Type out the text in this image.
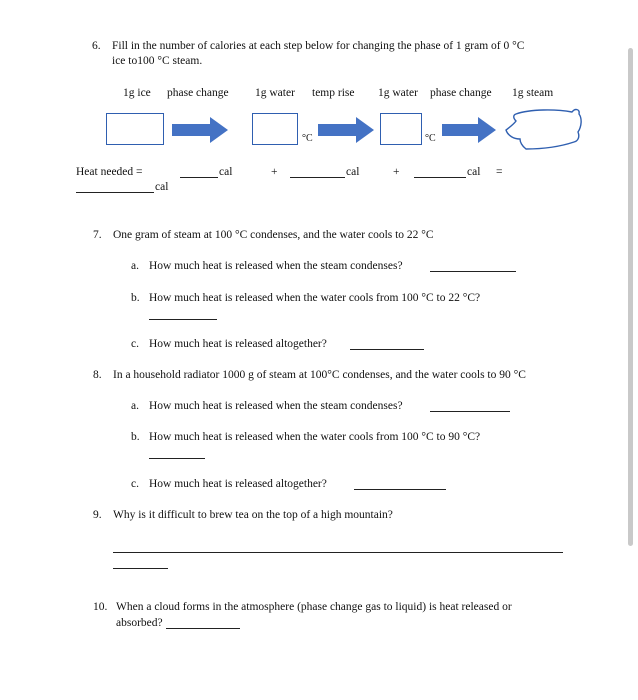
6. Fill in the number of calories at each step below for changing the phase of 1 gram of 0 °C
ice to100 °C steam.
1g ice phase change 1g water temp rise 1g water phase change 1g steam
°C	°C
Heat needed =	cal	+	cal	+	cal =
cal
7. One gram of steam at 100 °C condenses, and the water cools to 22 °C
a. How much heat is released when the steam condenses?
b. How much heat is released when the water cools from 100 °C to 22 °C?
c. How much heat is released altogether?
8. In a household radiator 1000 g of steam at 100°C condenses, and the water cools to 90 °C
a. How much heat is released when the steam condenses?
b. How much heat is released when the water cools from 100 °C to 90 °C?
c. How much heat is released altogether?
9. Why is it difficult to brew tea on the top of a high mountain?
10. When a cloud forms in the atmosphere (phase change gas to liquid) is heat released or
absorbed?
